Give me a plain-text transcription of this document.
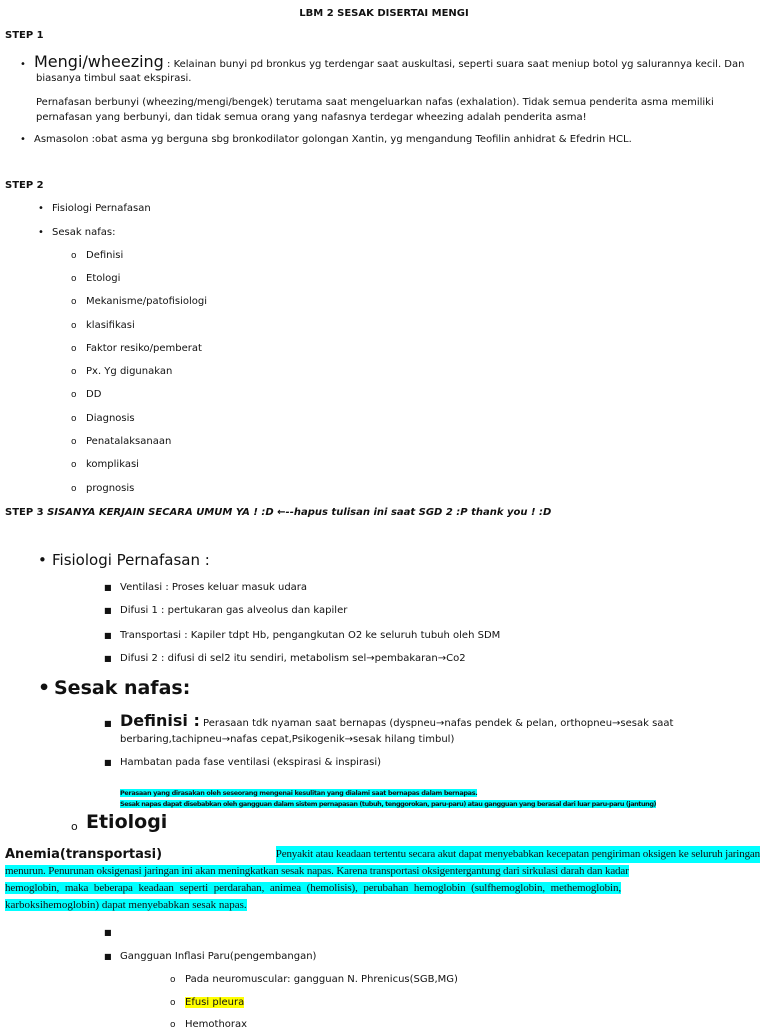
LBM 2 SESAK DISERTAI MENGI
STEP 1
• Mengi/wheezing : Kelainan bunyi pd bronkus yg terdengar saat auskultasi, seperti suara saat meniup botol yg salurannya kecil. Dan
biasanya timbul saat ekspirasi.
Pernafasan berbunyi (wheezing/mengi/bengek) terutama saat mengeluarkan nafas (exhalation). Tidak semua penderita asma memiliki
pernafasan yang berbunyi, dan tidak semua orang yang nafasnya terdegar wheezing adalah penderita asma!
• Asmasolon :obat asma yg berguna sbg bronkodilator golongan Xantin, yg mengandung Teofilin anhidrat & Efedrin HCL.
STEP 2
• Fisiologi Pernafasan
• Sesak nafas:
o Definisi
o Etologi
o Mekanisme/patofisiologi
o klasifikasi
o Faktor resiko/pemberat
o Px. Yg digunakan
o DD
o Diagnosis
o Penatalaksanaan
o komplikasi
o prognosis
STEP 3 SISANYA KERJAIN SECARA UMUM YA ! :D ←--hapus tulisan ini saat SGD 2 :P thank you ! :D
• Fisiologi Pernafasan :
■ Ventilasi : Proses keluar masuk udara
■ Difusi 1 : pertukaran gas alveolus dan kapiler
■ Transportasi : Kapiler tdpt Hb, pengangkutan O2 ke seluruh tubuh oleh SDM
■ Difusi 2 : difusi di sel2 itu sendiri, metabolism sel→pembakaran→Co2
• Sesak nafas:
■ Definisi : Perasaan tdk nyaman saat bernapas (dyspneu→nafas pendek & pelan, orthopneu→sesak saat
berbaring,tachipneu→nafas cepat,Psikogenik→sesak hilang timbul)
■ Hambatan pada fase ventilasi (ekspirasi & inspirasi)
Perasaan yang dirasakan oleh seseorang mengenai kesulitan yang dialami saat bernapas dalam bernapas.
Sesak napas dapat disebabkan oleh gangguan dalam sistem pernapasan (tubuh, tenggorokan, paru-paru) atau gangguan yang berasal dari luar paru-paru (jantung)
o Etiologi
Anemia(transportasi)	Penyakit atau keadaan tertentu secara akut dapat menyebabkan kecepatan pengiriman oksigen ke seluruh jaringan
menurun. Penurunan oksigenasi jaringan ini akan meningkatkan sesak napas. Karena transportasi oksigentergantung dari sirkulasi darah dan kadar
hemoglobin, maka beberapa keadaan seperti perdarahan, animea (hemolisis), perubahan hemoglobin (sulfhemoglobin, methemoglobin,
karboksihemoglobin) dapat menyebabkan sesak napas.
■
■ Gangguan Inflasi Paru(pengembangan)
o Pada neuromuscular: gangguan N. Phrenicus(SGB,MG)
o Efusi pleura
o Hemothorax
